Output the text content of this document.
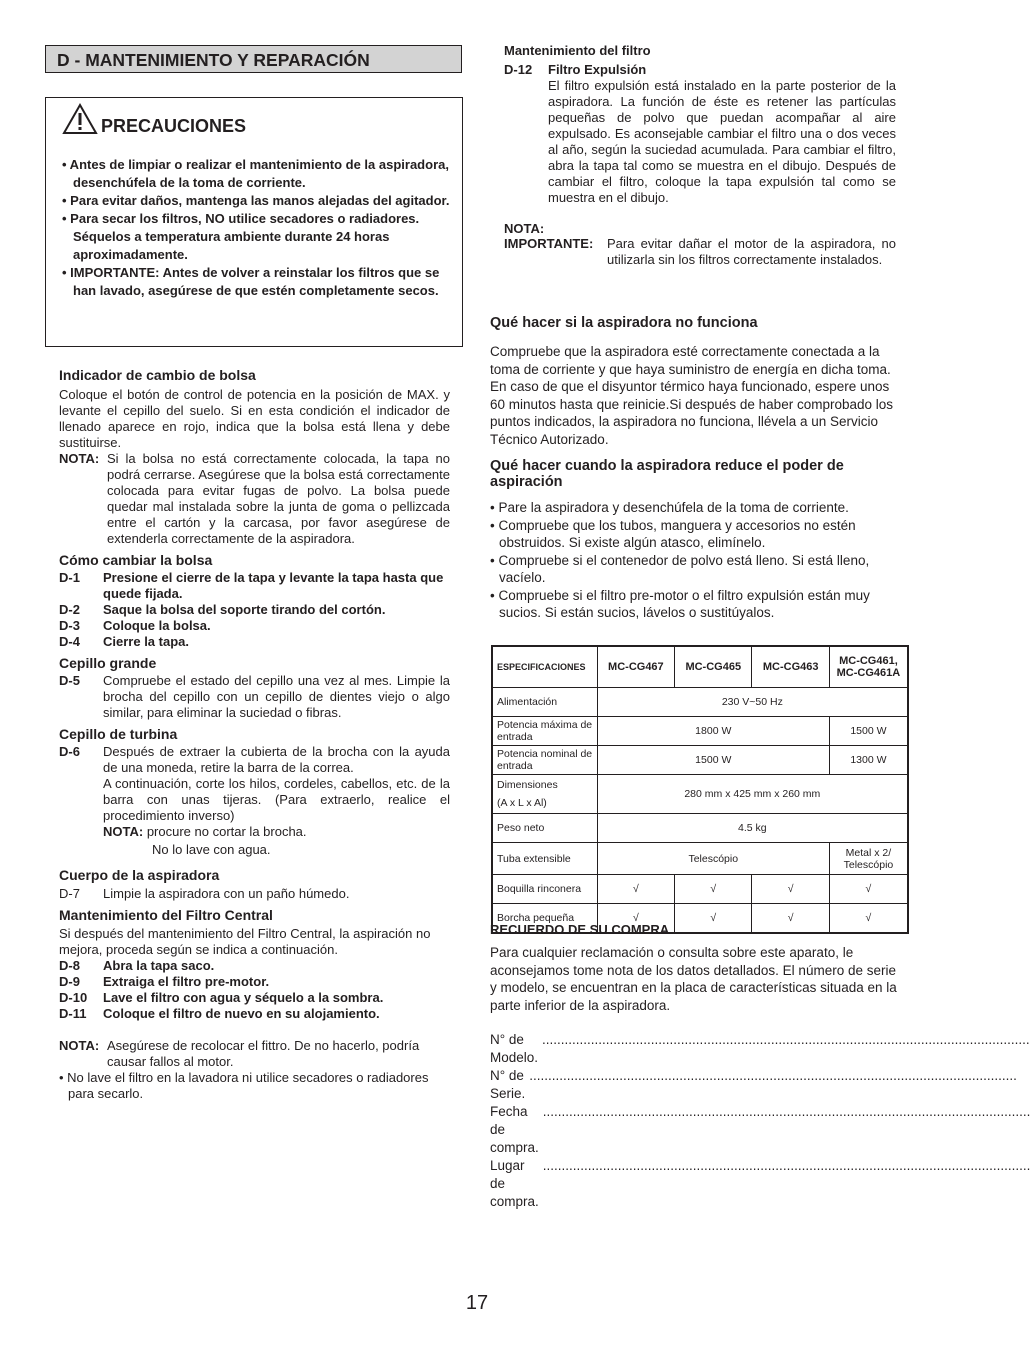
D - MANTENIMIENTO Y REPARACIÓN
PRECAUCIONES
• Antes de limpiar o realizar el mantenimiento de la aspiradora, desenchúfela de la toma de corriente.
• Para evitar daños, mantenga las manos alejadas del agitador.
• Para secar los filtros, NO utilice secadores o radiadores. Séquelos a temperatura ambiente durante 24 horas aproximadamente.
• IMPORTANTE: Antes de volver a reinstalar los filtros que se han lavado, asegúrese de que estén completamente secos.
Indicador de cambio de bolsa
Coloque el botón de control de potencia en la posición de MAX. y levante el cepillo del suelo. Si en esta condición el indicador de llenado aparece en rojo, indica que la bolsa está llena y debe sustituirse.
NOTA: Si la bolsa no está correctamente colocada, la tapa no podrá cerrarse. Asegúrese que la bolsa está correctamente colocada para evitar fugas de polvo. La bolsa puede quedar mal instalada sobre la junta de goma o pellizcada entre el cartón y la carcasa, por favor asegúrese de extenderla correctamente de la aspiradora.
Cómo cambiar la bolsa
D-1	Presione el cierre de la tapa y levante la tapa hasta que quede fijada.
D-2	Saque la bolsa del soporte tirando del cortón.
D-3	Coloque la bolsa.
D-4	Cierre la tapa.
Cepillo grande
D-5	Compruebe el estado del cepillo una vez al mes. Limpie la brocha del cepillo con un cepillo de dientes viejo o algo similar, para eliminar la suciedad o fibras.
Cepillo de turbina
D-6	Después de extraer la cubierta de la brocha con la ayuda de una moneda, retire la barra de la correa.
A continuación, corte los hilos, cordeles, cabellos, etc. de la barra con unas tijeras. (Para extraerlo, realice el procedimiento inverso)
NOTA: procure no cortar la brocha.
No lo lave con agua.
Cuerpo de la aspiradora
D-7	Limpie la aspiradora con un paño húmedo.
Mantenimiento del Filtro Central
Si después del mantenimiento del Filtro Central, la aspiración no mejora, proceda según se indica a continuación.
D-8	Abra la tapa saco.
D-9	Extraiga el filtro pre-motor.
D-10	Lave el filtro con agua y séquelo a la sombra.
D-11	Coloque el filtro de nuevo en su alojamiento.
NOTA: Asegúrese de recolocar el fittro. De no hacerlo, podría causar fallos al motor.
• No lave el filtro en la lavadora ni utilice secadores o radiadores para secarlo.
Mantenimiento del filtro
D-12	Filtro Expulsión
El filtro expulsión está instalado en la parte posterior de la aspiradora. La función de éste es retener las partículas pequeñas de polvo que puedan acompañar al aire expulsado. Es aconsejable cambiar el filtro una o dos veces al año, según la suciedad acumulada. Para cambiar el filtro, abra la tapa tal como se muestra en el dibujo. Después de cambiar el filtro, coloque la tapa expulsión tal como se muestra en el dibujo.
NOTA:
IMPORTANTE:	Para evitar dañar el motor de la aspiradora, no utilizarla sin los filtros correctamente instalados.
Qué hacer si la aspiradora no funciona
Compruebe que la aspiradora esté correctamente conectada a la toma de corriente y que haya suministro de energía en dicha toma. En caso de que el disyuntor térmico haya funcionado, espere unos 60 minutos hasta que reinicie.Si después de haber comprobado los puntos indicados, la aspiradora no funciona, llévela a un Servicio Técnico Autorizado.
Qué hacer cuando la aspiradora reduce el poder de aspiración
• Pare la aspiradora y desenchúfela de la toma de corriente.
• Compruebe que los tubos, manguera y accesorios no estén obstruidos. Si existe algún atasco, elimínelo.
• Compruebe si el contenedor de polvo está lleno. Si está lleno, vacíelo.
• Compruebe si el filtro pre-motor o el filtro expulsión están muy sucios. Si están sucios, lávelos o sustitúyalos.
ESPECIFICACIONES	MC-CG467	MC-CG465	MC-CG463	MC-CG461,
MC-CG461A

Alimentación	230 V~50 Hz			
Potencia máxima de entrada	1800 W			1500 W
Potencia nominal de entrada	1500 W			1300 W

Dimensiones
(A x L x Al)	280 mm x 425 mm x 260 mm			
Peso neto	4.5 kg			
Tuba extensible	Telescópio			Metal x 2/ Telescópio
Boquilla rinconera	√	√	√	√
Borcha pequeña	√	√	√	√
RECUERDO DE SU COMPRA
Para cualquier reclamación o consulta sobre este aparato, le aconsejamos tome nota de los datos detallados. El número de serie y modelo, se encuentran en la placa de características situada en la parte inferior de la aspiradora.
N° de Modelo.
..................................................................................................................................
N° de Serie.
..................................................................................................................................
Fecha de compra.
..................................................................................................................................
Lugar de compra.
..................................................................................................................................
17
